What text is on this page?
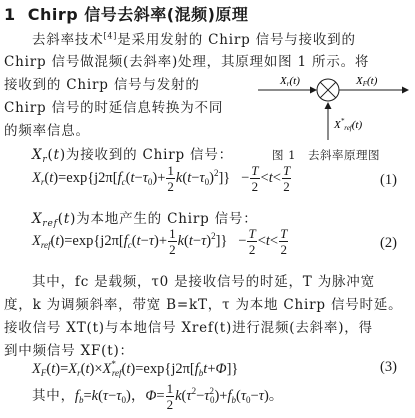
1 Chirp 信号去斜率(混频)原理
去斜率技术[4]是采用发射的 Chirp 信号与接收到的
Chirp 信号做混频(去斜率)处理，其原理如图 1 所示。将
接收到的 Chirp 信号与发射的
Chirp 信号的时延信息转换为不同
的频率信息。
Xr(t)	XF(t)
$X^*_{ref}(t)$
图 1　去斜率原理图
$X_r(t)$为接收到的 Chirp 信号：
$X_r(t)=\exp\{j2\pi[f_c(t-\tau_0)+ \frac{1}{2} k(t-\tau_0)^2]\} - \frac{T}{2} <t< \frac{T}{2}$	(1)
$X_{ref}(t)$为本地产生的 Chirp 信号：
$X_{ref}(t)=\exp\{j2\pi[f_c(t-\tau)+ \frac{1}{2} k(t-\tau)^2]\} - \frac{T}{2} <t< \frac{T}{2}$	(2)
其中，fc 是载频，τ0 是接收信号的时延，T 为脉冲宽
度，k 为调频斜率，带宽 B=kT，τ 为本地 Chirp 信号时延。
接收信号 XT(t)与本地信号 Xref(t)进行混频(去斜率)，得
到中频信号 XF(t)：
$X_F(t)=X_r(t)\times X^*_{ref}(t)=\exp\{j2\pi[f_bt+\Phi]\}$	(3)
其中，$f_b=k(\tau-\tau_0)$，$\Phi= \frac{1}{2} k(\tau^2-\tau^2_0)+f_b(\tau_0-\tau)$。
